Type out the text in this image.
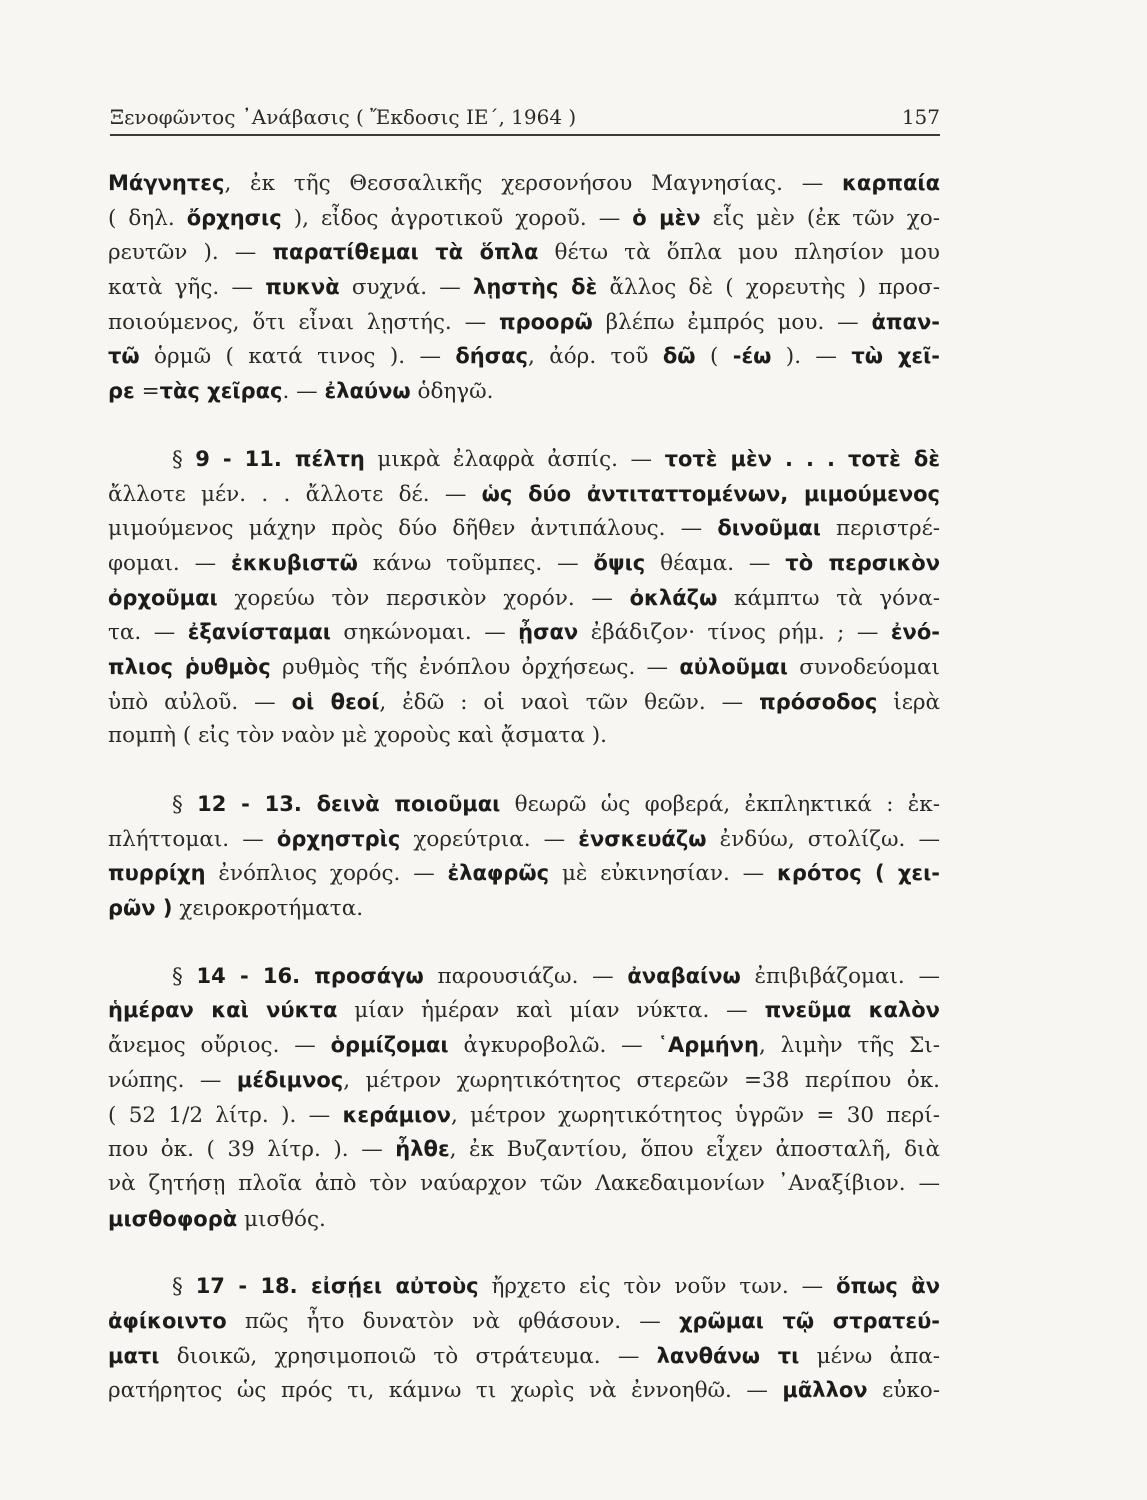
Ξενοφῶντος ᾿Ανάβασις ( Ἔκδοσις ΙΕ΄, 1964 )	157
Μάγνητες, ἐκ τῆς Θεσσαλικῆς χερσονήσου Μαγνησίας. — καρπαία
( δηλ. ὄρχησις ), εἶδος ἀγροτικοῦ χοροῦ. — ὁ μὲν εἷς μὲν (ἐκ τῶν χο-
ρευτῶν ). — παρατίθεμαι τὰ ὅπλα θέτω τὰ ὅπλα μου πλησίον μου
κατὰ γῆς. — πυκνὰ συχνά. — λῃστὴς δὲ ἄλλος δὲ ( χορευτὴς ) προσ-
ποιούμενος, ὅτι εἶναι λῃστής. — προορῶ βλέπω ἐμπρός μου. — ἀπαν-
τῶ ὁρμῶ ( κατά τινος ). — δήσας, ἀόρ. τοῦ δῶ ( -έω ). — τὼ χεῖ-
ρε =τὰς χεῖρας. — ἐλαύνω ὁδηγῶ.
§ 9 - 11. πέλτη μικρὰ ἐλαφρὰ ἀσπίς. — τοτὲ μὲν . . . τοτὲ δὲ
ἄλλοτε μέν. . . ἄλλοτε δέ. — ὡς δύο ἀντιταττομένων, μιμούμενος
μιμούμενος μάχην πρὸς δύο δῆθεν ἀντιπάλους. — δινοῦμαι περιστρέ-
φομαι. — ἐκκυβιστῶ κάνω τοῦμπες. — ὄψις θέαμα. — τὸ περσικὸν
ὀρχοῦμαι χορεύω τὸν περσικὸν χορόν. — ὀκλάζω κάμπτω τὰ γόνα-
τα. — ἐξανίσταμαι σηκώνομαι. — ᾖσαν ἐβάδιζον· τίνος ρήμ. ; — ἐνό-
πλιος ῥυθμὸς ρυθμὸς τῆς ἐνόπλου ὀρχήσεως. — αὐλοῦμαι συνοδεύομαι
ὑπὸ αὐλοῦ. — οἱ θεοί, ἐδῶ : οἱ ναοὶ τῶν θεῶν. — πρόσοδος ἱερὰ
πομπὴ ( εἰς τὸν ναὸν μὲ χοροὺς καὶ ᾄσματα ).
§ 12 - 13. δεινὰ ποιοῦμαι θεωρῶ ὡς φοβερά, ἐκπληκτικά : ἐκ-
πλήττομαι. — ὀρχηστρὶς χορεύτρια. — ἐνσκευάζω ἐνδύω, στολίζω. —
πυρρίχη ἐνόπλιος χορός. — ἐλαφρῶς μὲ εὐκινησίαν. — κρότος ( χει-
ρῶν ) χειροκροτήματα.
§ 14 - 16. προσάγω παρουσιάζω. — ἀναβαίνω ἐπιβιβάζομαι. —
ἡμέραν καὶ νύκτα μίαν ἡμέραν καὶ μίαν νύκτα. — πνεῦμα καλὸν
ἄνεμος οὔριος. — ὁρμίζομαι ἀγκυροβολῶ. — ῾Αρμήνη, λιμὴν τῆς Σι-
νώπης. — μέδιμνος, μέτρον χωρητικότητος στερεῶν =38 περίπου ὀκ.
( 52 1/2 λίτρ. ). — κεράμιον, μέτρον χωρητικότητος ὑγρῶν = 30 περί-
που ὀκ. ( 39 λίτρ. ). — ἦλθε, ἐκ Βυζαντίου, ὅπου εἶχεν ἀποσταλῆ, διὰ
νὰ ζητήσῃ πλοῖα ἀπὸ τὸν ναύαρχον τῶν Λακεδαιμονίων ᾿Αναξίβιον. —
μισθοφορὰ μισθός.
§ 17 - 18. εἰσῄει αὐτοὺς ἤρχετο εἰς τὸν νοῦν των. — ὅπως ἂν
ἀφίκοιντο πῶς ἦτο δυνατὸν νὰ φθάσουν. — χρῶμαι τῷ στρατεύ-
ματι διοικῶ, χρησιμοποιῶ τὸ στράτευμα. — λανθάνω τι μένω ἀπα-
ρατήρητος ὡς πρός τι, κάμνω τι χωρὶς νὰ ἐννοηθῶ. — μᾶλλον εὐκο-
